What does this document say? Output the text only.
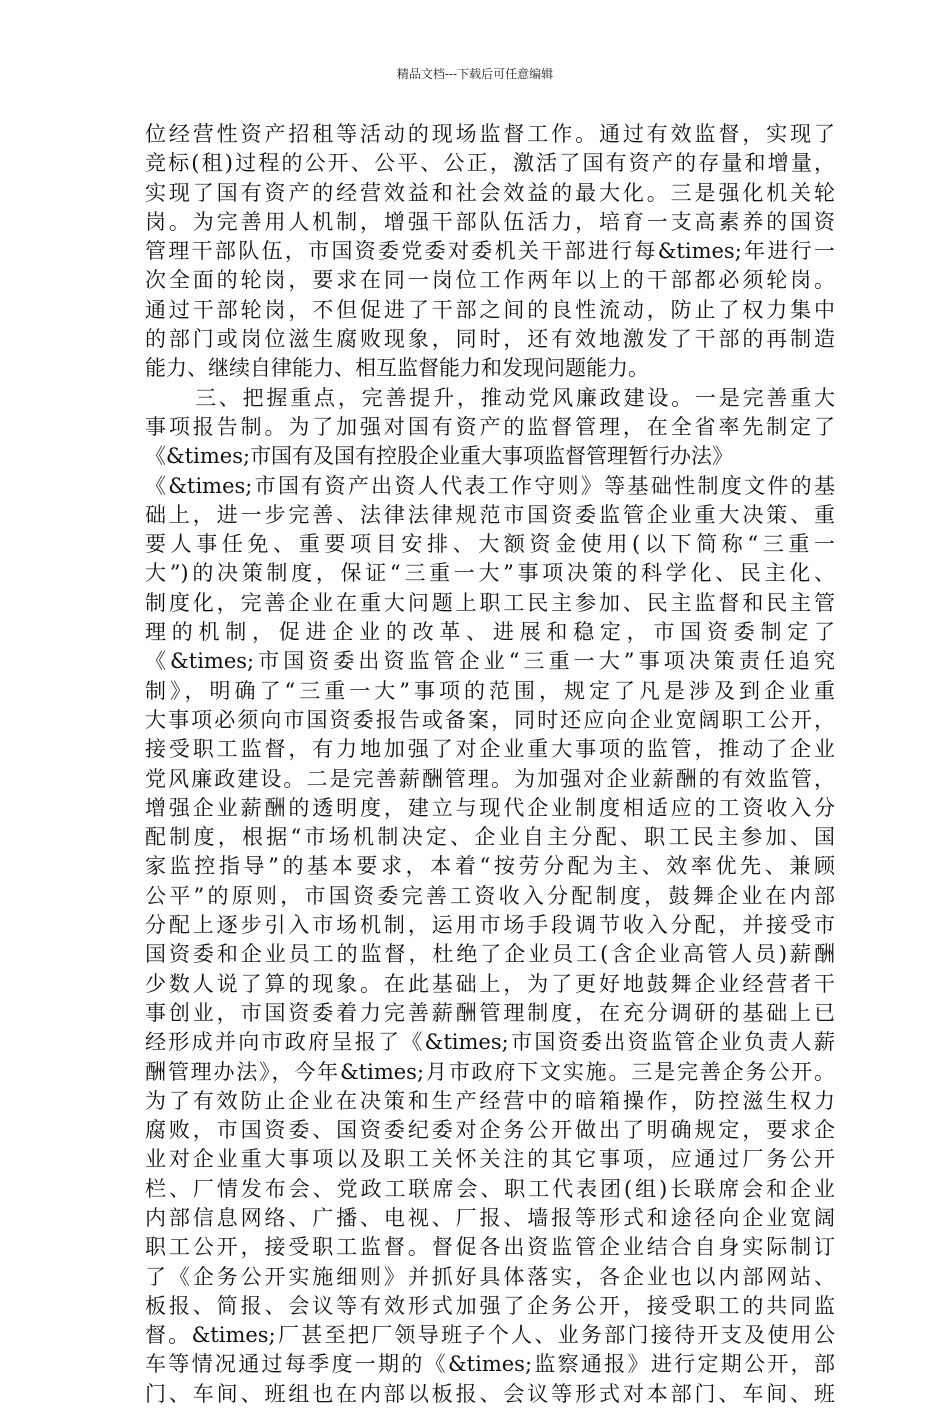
精品文档---下载后可任意编辑
位经营性资产招租等活动的现场监督工作。通过有效监督，实现了
竞标(租)过程的公开、公平、公正，激活了国有资产的存量和增量，
实现了国有资产的经营效益和社会效益的最大化。三是强化机关轮
岗。为完善用人机制，增强干部队伍活力，培育一支高素养的国资
管理干部队伍，市国资委党委对委机关干部进行每&times;年进行一
次全面的轮岗，要求在同一岗位工作两年以上的干部都必须轮岗。
通过干部轮岗，不但促进了干部之间的良性流动，防止了权力集中
的部门或岗位滋生腐败现象，同时，还有效地激发了干部的再制造
能力、继续自律能力、相互监督能力和发现问题能力。
三、把握重点，完善提升，推动党风廉政建设。一是完善重大
事项报告制。为了加强对国有资产的监督管理，在全省率先制定了
《&times;市国有及国有控股企业重大事项监督管理暂行办法》
《&times;市国有资产出资人代表工作守则》等基础性制度文件的基
础上，进一步完善、法律法律规范市国资委监管企业重大决策、重
要人事任免、重要项目安排、大额资金使用(以下简称“三重一
大”)的决策制度，保证“三重一大”事项决策的科学化、民主化、
制度化，完善企业在重大问题上职工民主参加、民主监督和民主管
理的机制，促进企业的改革、进展和稳定，市国资委制定了
《&times;市国资委出资监管企业“三重一大”事项决策责任追究
制》，明确了“三重一大”事项的范围，规定了凡是涉及到企业重
大事项必须向市国资委报告或备案，同时还应向企业宽阔职工公开，
接受职工监督，有力地加强了对企业重大事项的监管，推动了企业
党风廉政建设。二是完善薪酬管理。为加强对企业薪酬的有效监管，
增强企业薪酬的透明度，建立与现代企业制度相适应的工资收入分
配制度，根据“市场机制决定、企业自主分配、职工民主参加、国
家监控指导”的基本要求，本着“按劳分配为主、效率优先、兼顾
公平”的原则，市国资委完善工资收入分配制度，鼓舞企业在内部
分配上逐步引入市场机制，运用市场手段调节收入分配，并接受市
国资委和企业员工的监督，杜绝了企业员工(含企业高管人员)薪酬
少数人说了算的现象。在此基础上，为了更好地鼓舞企业经营者干
事创业，市国资委着力完善薪酬管理制度，在充分调研的基础上已
经形成并向市政府呈报了《&times;市国资委出资监管企业负责人薪
酬管理办法》，今年&times;月市政府下文实施。三是完善企务公开。
为了有效防止企业在决策和生产经营中的暗箱操作，防控滋生权力
腐败，市国资委、国资委纪委对企务公开做出了明确规定，要求企
业对企业重大事项以及职工关怀关注的其它事项，应通过厂务公开
栏、厂情发布会、党政工联席会、职工代表团(组)长联席会和企业
内部信息网络、广播、电视、厂报、墙报等形式和途径向企业宽阔
职工公开，接受职工监督。督促各出资监管企业结合自身实际制订
了《企务公开实施细则》并抓好具体落实，各企业也以内部网站、
板报、简报、会议等有效形式加强了企务公开，接受职工的共同监
督。&times;厂甚至把厂领导班子个人、业务部门接待开支及使用公
车等情况通过每季度一期的《&times;监察通报》进行定期公开，部
门、车间、班组也在内部以板报、会议等形式对本部门、车间、班
